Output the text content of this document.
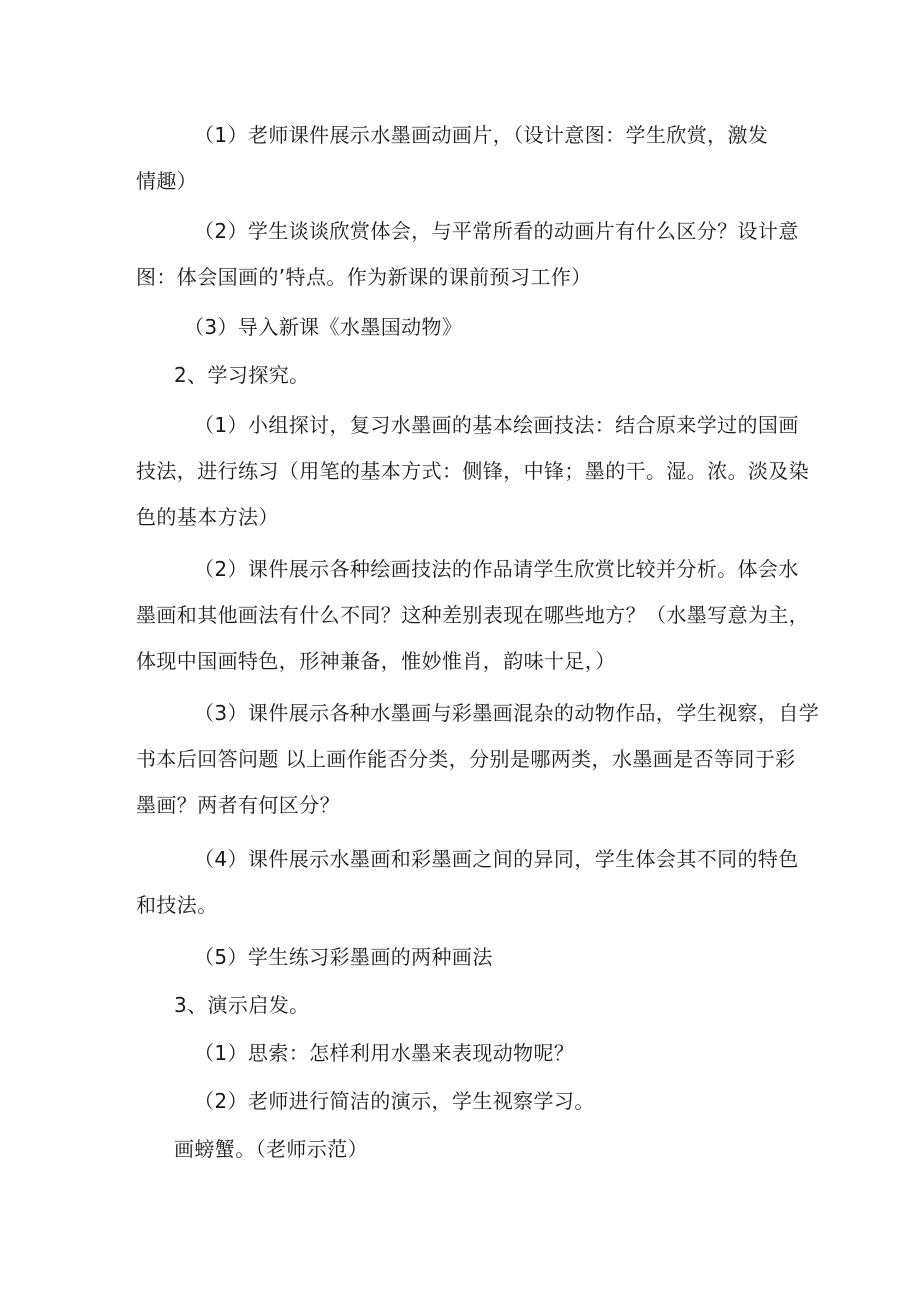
（1）老师课件展示水墨画动画片，（设计意图：学生欣赏，激发
情趣）
（2）学生谈谈欣赏体会，与平常所看的动画片有什么区分？设计意
图：体会国画的’特点。作为新课的课前预习工作）
（3）导入新课《水墨国动物》
2、学习探究。
（1）小组探讨，复习水墨画的基本绘画技法：结合原来学过的国画
技法，进行练习（用笔的基本方式：侧锋，中锋；墨的干。湿。浓。淡及染
色的基本方法）
（2）课件展示各种绘画技法的作品请学生欣赏比较并分析。体会水
墨画和其他画法有什么不同？这种差别表现在哪些地方？（水墨写意为主，
体现中国画特色，形神兼备，惟妙惟肖，韵味十足，）
（3）课件展示各种水墨画与彩墨画混杂的动物作品，学生视察，自学
书本后回答问题 以上画作能否分类，分别是哪两类，水墨画是否等同于彩
墨画？两者有何区分？
（4）课件展示水墨画和彩墨画之间的异同，学生体会其不同的特色
和技法。
（5）学生练习彩墨画的两种画法
3、演示启发。
（1）思索：怎样利用水墨来表现动物呢？
（2）老师进行简洁的演示，学生视察学习。
画螃蟹。（老师示范）
